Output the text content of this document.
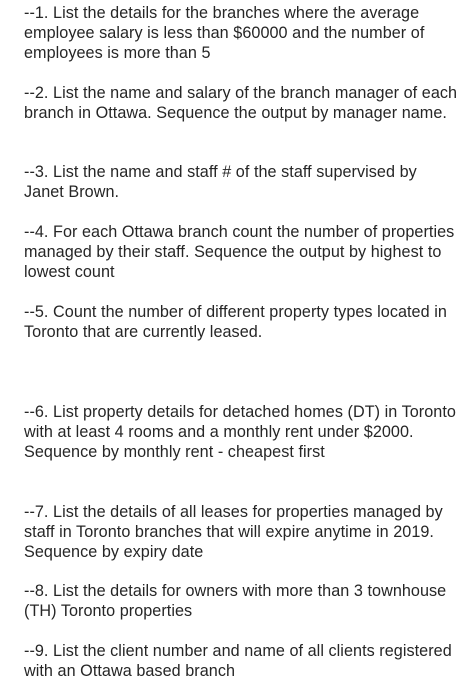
--1. List the details for the branches where the average employee salary is less than $60000 and the number of employees is more than 5

--2. List the name and salary of the branch manager of each branch in Ottawa. Sequence the output by manager name.

--3. List the name and staff # of the staff supervised by Janet Brown.

--4. For each Ottawa branch count the number of properties managed by their staff. Sequence the output by highest to lowest count

--5. Count the number of different property types located in Toronto that are currently leased.

--6. List property details for detached homes (DT) in Toronto with at least 4 rooms and a monthly rent under $2000. Sequence by monthly rent - cheapest first

--7. List the details of all leases for properties managed by staff in Toronto branches that will expire anytime in 2019. Sequence by expiry date

--8. List the details for owners with more than 3 townhouse (TH) Toronto properties

--9. List the client number and name of all clients registered with an Ottawa based branch
